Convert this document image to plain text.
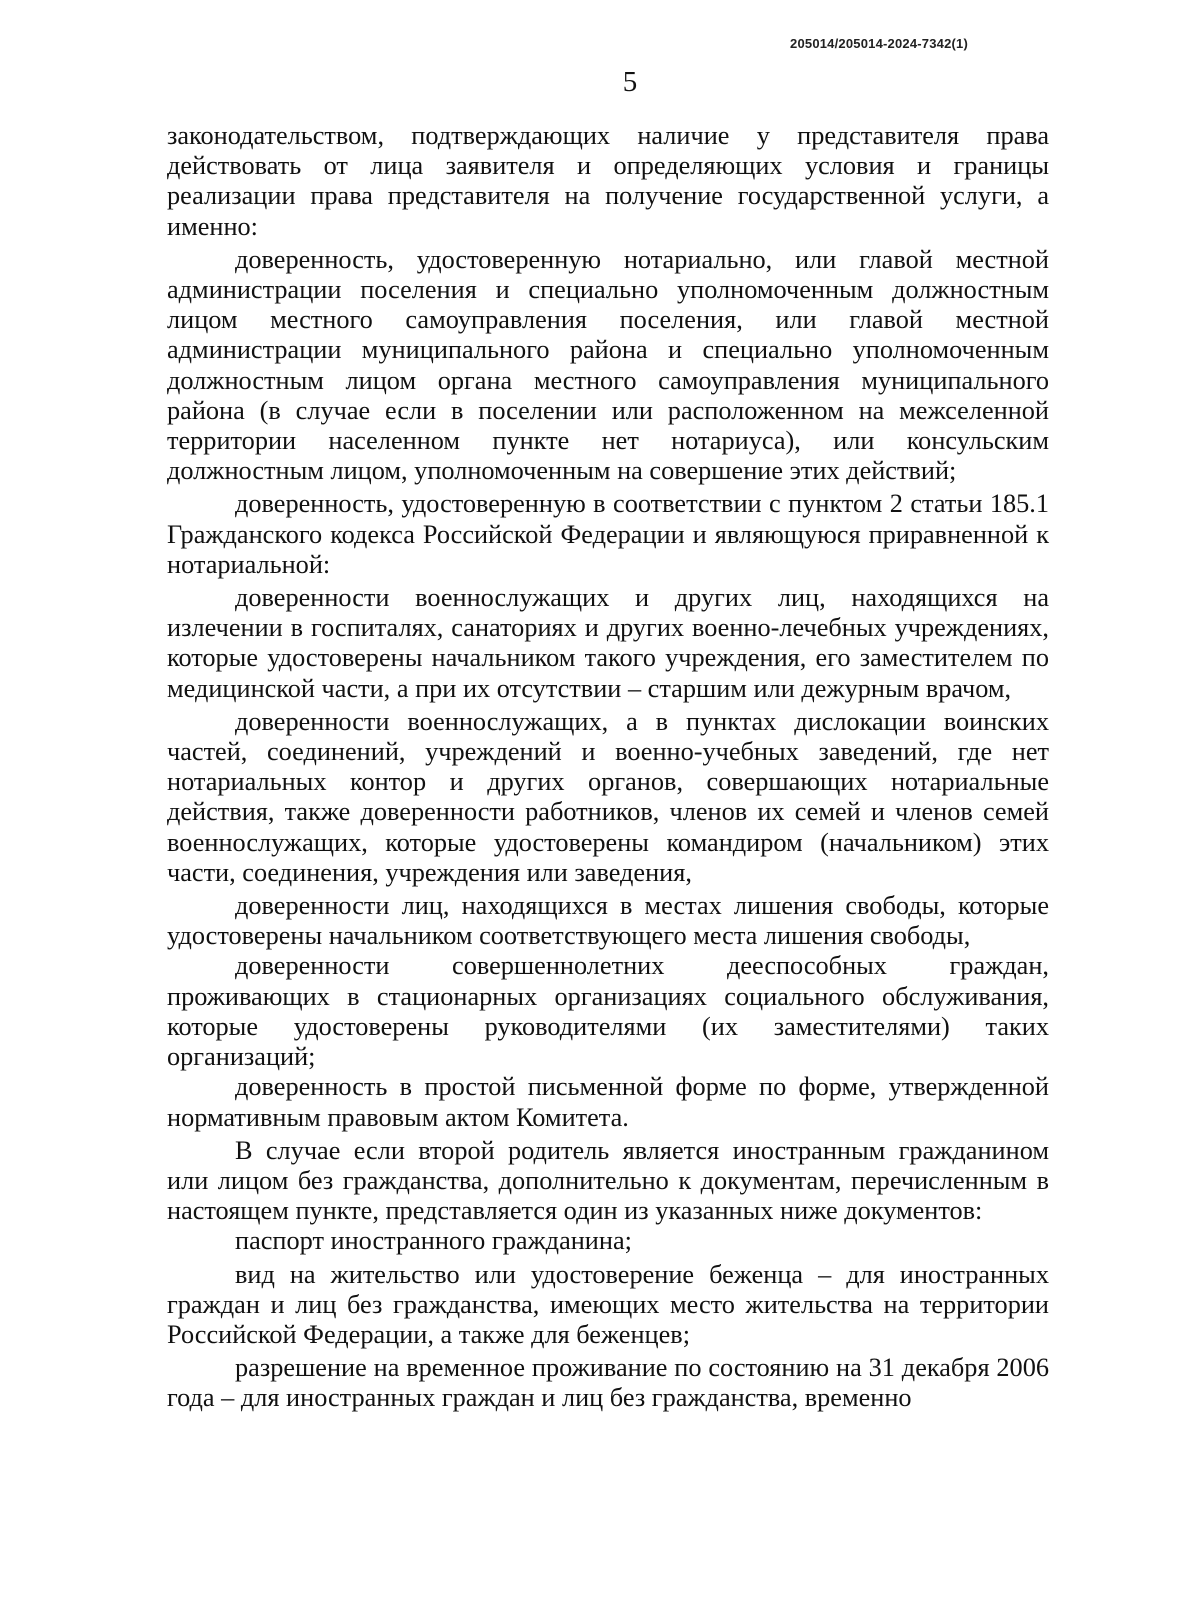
205014/205014-2024-7342(1)
5

законодательством, подтверждающих наличие у представителя права действовать от лица заявителя и определяющих условия и границы реализации права представителя на получение государственной услуги, а именно:

доверенность, удостоверенную нотариально, или главой местной администрации поселения и специально уполномоченным должностным лицом местного самоуправления поселения, или главой местной администрации муниципального района и специально уполномоченным должностным лицом органа местного самоуправления муниципального района (в случае если в поселении или расположенном на межселенной территории населенном пункте нет нотариуса), или консульским должностным лицом, уполномоченным на совершение этих действий;

доверенность, удостоверенную в соответствии с пунктом 2 статьи 185.1 Гражданского кодекса Российской Федерации и являющуюся приравненной к нотариальной:

доверенности военнослужащих и других лиц, находящихся на излечении в госпиталях, санаториях и других военно-лечебных учреждениях, которые удостоверены начальником такого учреждения, его заместителем по медицинской части, а при их отсутствии – старшим или дежурным врачом,

доверенности военнослужащих, а в пунктах дислокации воинских частей, соединений, учреждений и военно-учебных заведений, где нет нотариальных контор и других органов, совершающих нотариальные действия, также доверенности работников, членов их семей и членов семей военнослужащих, которые удостоверены командиром (начальником) этих части, соединения, учреждения или заведения,

доверенности лиц, находящихся в местах лишения свободы, которые удостоверены начальником соответствующего места лишения свободы,

доверенности совершеннолетних дееспособных граждан, проживающих в стационарных организациях социального обслуживания, которые удостоверены руководителями (их заместителями) таких организаций;

доверенность в простой письменной форме по форме, утвержденной нормативным правовым актом Комитета.

В случае если второй родитель является иностранным гражданином или лицом без гражданства, дополнительно к документам, перечисленным в настоящем пункте, представляется один из указанных ниже документов:

паспорт иностранного гражданина;

вид на жительство или удостоверение беженца – для иностранных граждан и лиц без гражданства, имеющих место жительства на территории Российской Федерации, а также для беженцев;

разрешение на временное проживание по состоянию на 31 декабря 2006 года – для иностранных граждан и лиц без гражданства, временно
